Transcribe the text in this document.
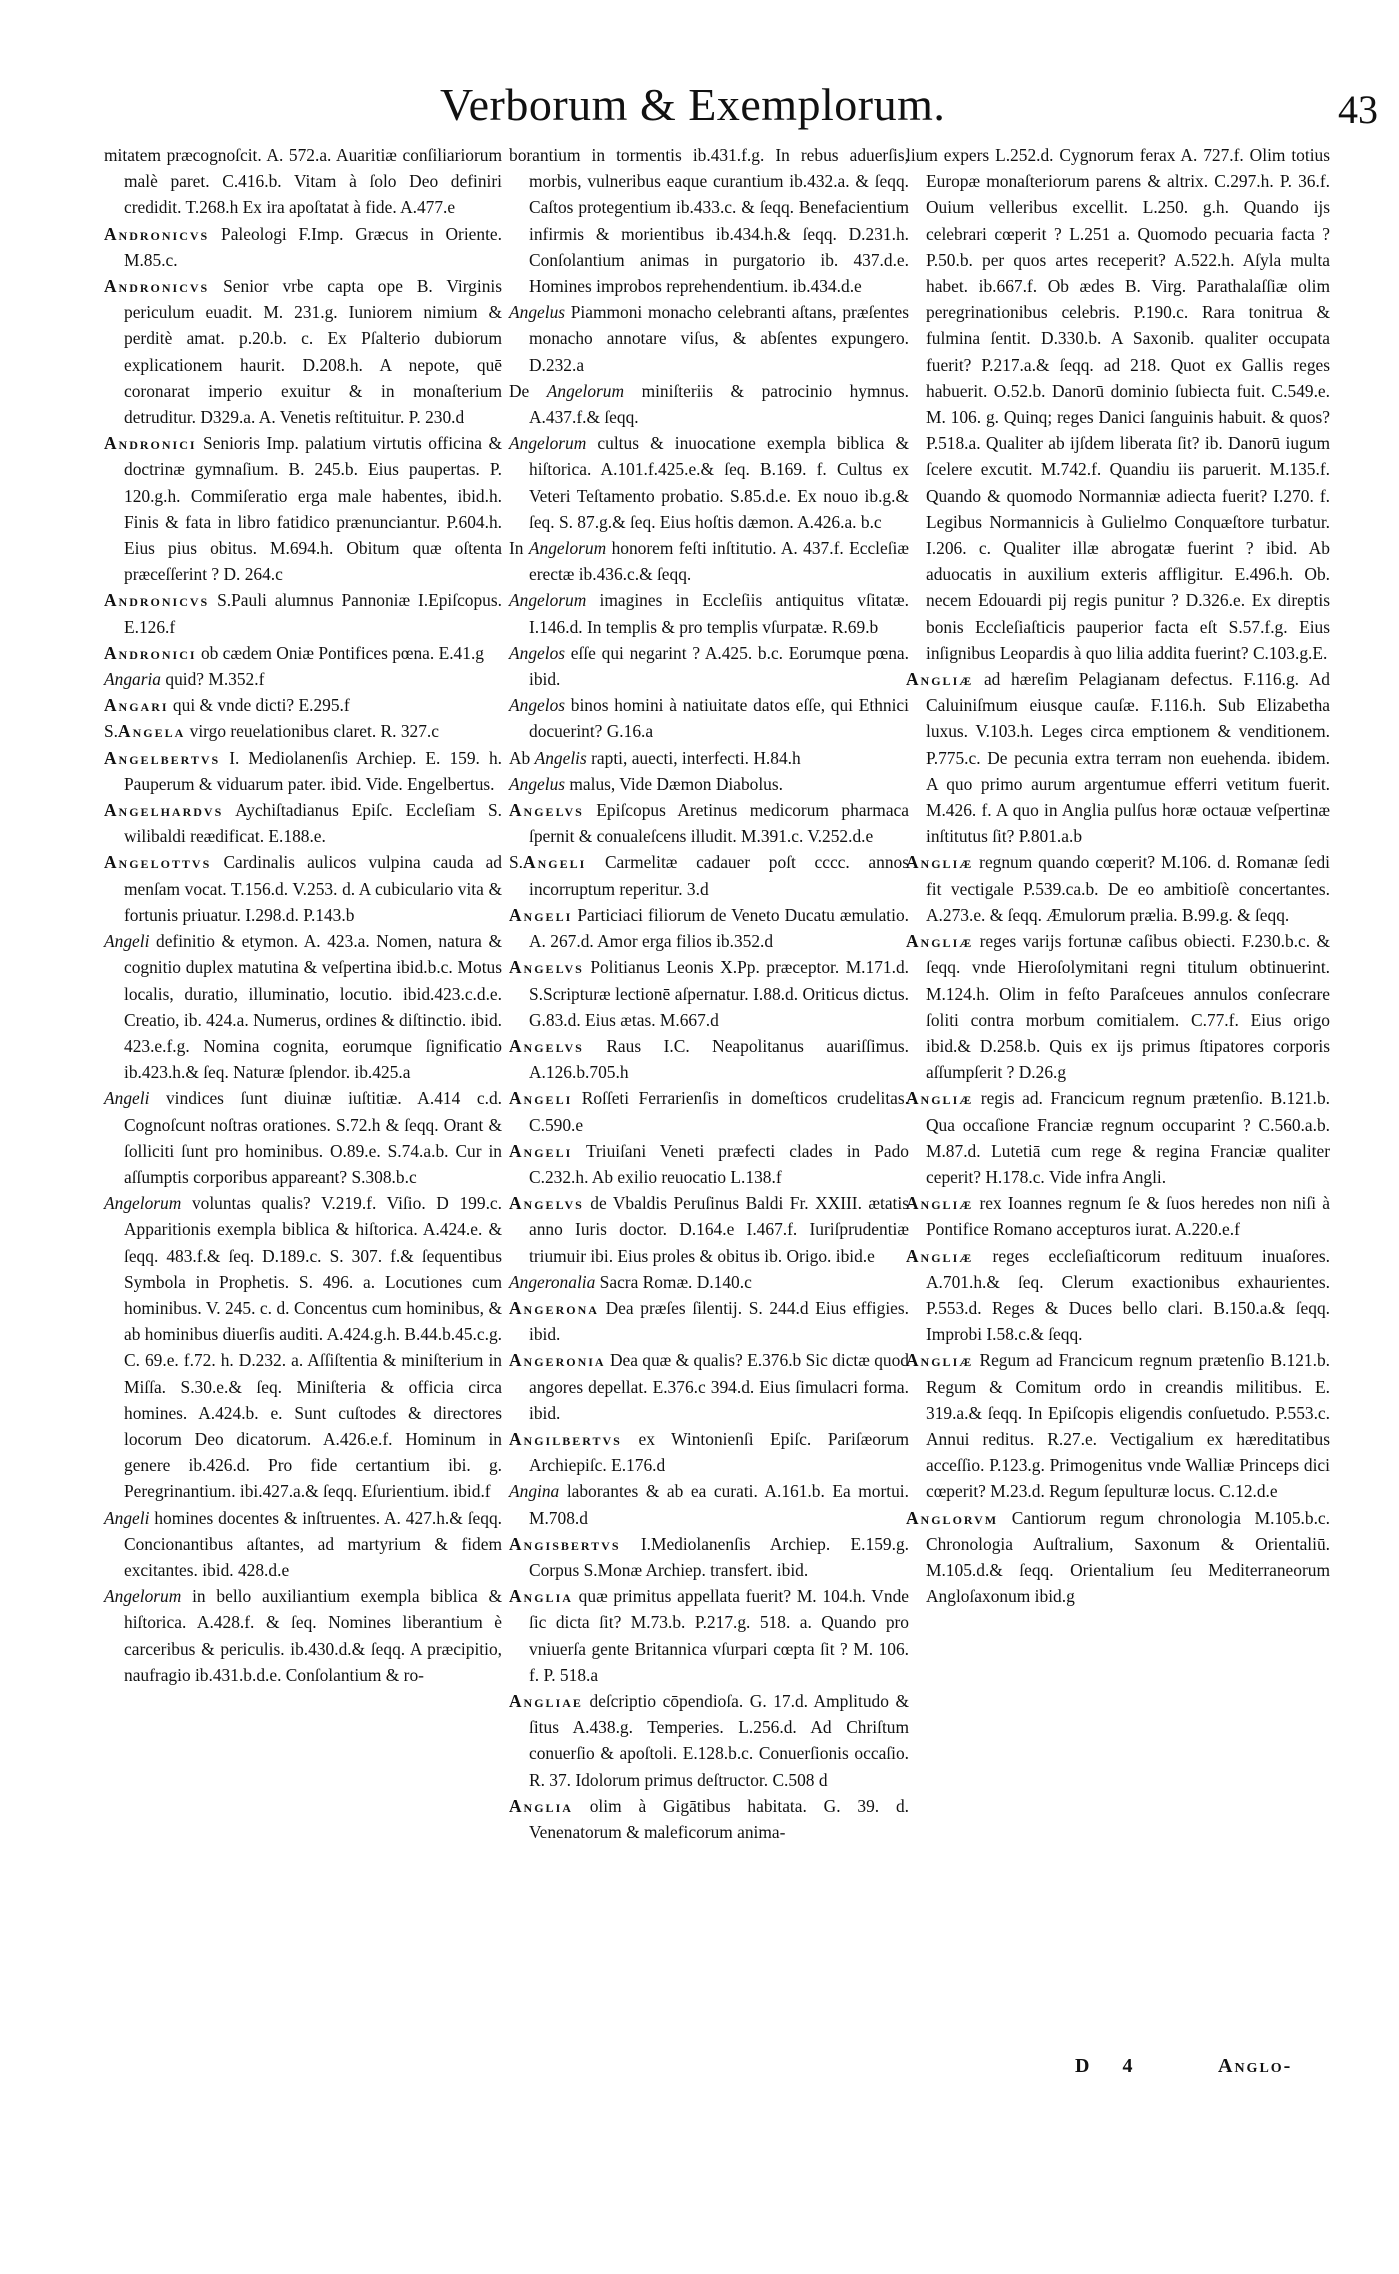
Verborum & Exemplorum.	43

mitatem præcognoſcit. A. 572.a. Auaritiæ conſiliariorum malè paret. C.416.b. Vitam à ſolo Deo definiri credidit. T.268.h Ex ira apoſtatat à fide. A.477.e

Andronicvs Paleologi F.Imp. Græcus in Oriente. M.85.c.

Andronicvs Senior vrbe capta ope B. Virginis periculum euadit. M. 231.g. Iuniorem nimium & perditè amat. p.20.b. c. Ex Pſalterio dubiorum explicationem haurit. D.208.h. A nepote, quē coronarat imperio exuitur & in monaſterium detruditur. D329.a. A. Venetis reſtituitur. P. 230.d

Andronici Senioris Imp. palatium virtutis officina & doctrinæ gymnaſium. B. 245.b. Eius paupertas. P. 120.g.h. Commiſeratio erga male habentes, ibid.h. Finis & fata in libro fatidico prænunciantur. P.604.h. Eius pius obitus. M.694.h. Obitum quæ oſtenta præceſſerint ? D. 264.c

Andronicvs S.Pauli alumnus Pannoniæ I.Epiſcopus. E.126.f

Andronici ob cædem Oniæ Pontifices pœna. E.41.g

Angaria quid? M.352.f

Angari qui & vnde dicti? E.295.f

S.Angela virgo reuelationibus claret. R. 327.c

Angelbertvs I. Mediolanenſis Archiep. E. 159. h. Pauperum & viduarum pater. ibid. Vide. Engelbertus.

Angelhardvs Aychiſtadianus Epiſc. Eccleſiam S. wilibaldi reædificat. E.188.e.

Angelottvs Cardinalis aulicos vulpina cauda ad menſam vocat. T.156.d. V.253. d. A cubiculario vita & fortunis priuatur. I.298.d. P.143.b

Angeli definitio & etymon. A. 423.a. Nomen, natura & cognitio duplex matutina & veſpertina ibid.b.c. Motus localis, duratio, illuminatio, locutio. ibid.423.c.d.e. Creatio, ib. 424.a. Numerus, ordines & diſtinctio. ibid. 423.e.f.g. Nomina cognita, eorumque ſignificatio ib.423.h.& ſeq. Naturæ ſplendor. ib.425.a

Angeli vindices ſunt diuinæ iuſtitiæ. A.414 c.d. Cognoſcunt noſtras orationes. S.72.h & ſeqq. Orant & ſolliciti ſunt pro hominibus. O.89.e. S.74.a.b. Cur in aſſumptis corporibus appareant? S.308.b.c

Angelorum voluntas qualis? V.219.f. Viſio. D 199.c. Apparitionis exempla biblica & hiſtorica. A.424.e. & ſeqq. 483.f.& ſeq. D.189.c. S. 307. f.& ſequentibus Symbola in Prophetis. S. 496. a. Locutiones cum hominibus. V. 245. c. d. Concentus cum hominibus, & ab hominibus diuerſis auditi. A.424.g.h. B.44.b.45.c.g. C. 69.e. f.72. h. D.232. a. Aſſiſtentia & miniſterium in Miſſa. S.30.e.& ſeq. Miniſteria & officia circa homines. A.424.b. e. Sunt cuſtodes & directores locorum Deo dicatorum. A.426.e.f. Hominum in genere ib.426.d. Pro fide certantium ibi. g. Peregrinantium. ibi.427.a.& ſeqq. Eſurientium. ibid.f

Angeli homines docentes & inſtruentes. A. 427.h.& ſeqq. Concionantibus aſtantes, ad martyrium & fidem excitantes. ibid. 428.d.e

Angelorum in bello auxiliantium exempla biblica & hiſtorica. A.428.f. & ſeq. Nomines liberantium è carceribus & periculis. ib.430.d.& ſeqq. A præcipitio, naufragio ib.431.b.d.e. Conſolantium & ro-

borantium in tormentis ib.431.f.g. In rebus aduerſis, morbis, vulneribus eaque curantium ib.432.a. & ſeqq. Caſtos protegentium ib.433.c. & ſeqq. Benefacientium infirmis & morientibus ib.434.h.& ſeqq. D.231.h. Conſolantium animas in purgatorio ib. 437.d.e. Homines improbos reprehendentium. ib.434.d.e

Angelus Piammoni monacho celebranti aſtans, præſentes monacho annotare viſus, & abſentes expungero. D.232.a

De Angelorum miniſteriis & patrocinio hymnus. A.437.f.& ſeqq.

Angelorum cultus & inuocatione exempla biblica & hiſtorica. A.101.f.425.e.& ſeq. B.169. f. Cultus ex Veteri Teſtamento probatio. S.85.d.e. Ex nouo ib.g.& ſeq. S. 87.g.& ſeq. Eius hoſtis dæmon. A.426.a. b.c

In Angelorum honorem feſti inſtitutio. A. 437.f. Eccleſiæ erectæ ib.436.c.& ſeqq.

Angelorum imagines in Eccleſiis antiquitus vſitatæ. I.146.d. In templis & pro templis vſurpatæ. R.69.b

Angelos eſſe qui negarint ? A.425. b.c. Eorumque pœna. ibid.

Angelos binos homini à natiuitate datos eſſe, qui Ethnici docuerint? G.16.a

Ab Angelis rapti, auecti, interfecti. H.84.h

Angelus malus, Vide Dæmon Diabolus.

Angelvs Epiſcopus Aretinus medicorum pharmaca ſpernit & conualeſcens illudit. M.391.c. V.252.d.e

S.Angeli Carmelitæ cadauer poſt cccc. annos incorruptum reperitur. 3.d

Angeli Particiaci filiorum de Veneto Ducatu æmulatio. A. 267.d. Amor erga filios ib.352.d

Angelvs Politianus Leonis X.Pp. præceptor. M.171.d. S.Scripturæ lectionē aſpernatur. I.88.d. Oriticus dictus. G.83.d. Eius ætas. M.667.d

Angelvs Raus I.C. Neapolitanus auariſſimus. A.126.b.705.h

Angeli Roſſeti Ferrarienſis in domeſticos crudelitas. C.590.e

Angeli Triuiſani Veneti præfecti clades in Pado C.232.h. Ab exilio reuocatio L.138.f

Angelvs de Vbaldis Peruſinus Baldi Fr. XXIII. ætatis anno Iuris doctor. D.164.e I.467.f. Iuriſprudentiæ triumuir ibi. Eius proles & obitus ib. Origo. ibid.e

Angeronalia Sacra Romæ. D.140.c

Angerona Dea præſes ſilentij. S. 244.d Eius effigies. ibid.

Angeronia Dea quæ & qualis? E.376.b Sic dictæ quod angores depellat. E.376.c 394.d. Eius ſimulacri forma. ibid.

Angilbertvs ex Wintonienſi Epiſc. Pariſæorum Archiepiſc. E.176.d

Angina laborantes & ab ea curati. A.161.b. Ea mortui. M.708.d

Angisbertvs I.Mediolanenſis Archiep. E.159.g. Corpus S.Monæ Archiep. transfert. ibid.

Anglia quæ primitus appellata fuerit? M. 104.h. Vnde ſic dicta ſit? M.73.b. P.217.g. 518. a. Quando pro vniuerſa gente Britannica vſurpari cœpta ſit ? M. 106. f. P. 518.a

Angliae deſcriptio cōpendioſa. G. 17.d. Amplitudo & ſitus A.438.g. Temperies. L.256.d. Ad Chriſtum conuerſio & apoſtoli. E.128.b.c. Conuerſionis occaſio. R. 37. Idolorum primus deſtructor. C.508 d

Anglia olim à Gigātibus habitata. G. 39. d. Venenatorum & maleficorum anima-

lium expers L.252.d. Cygnorum ferax A. 727.f. Olim totius Europæ monaſteriorum parens & altrix. C.297.h. P. 36.f. Ouium velleribus excellit. L.250. g.h. Quando ijs celebrari cœperit ? L.251 a. Quomodo pecuaria facta ? P.50.b. per quos artes receperit? A.522.h. Aſyla multa habet. ib.667.f. Ob ædes B. Virg. Parathalaſſiæ olim peregrinationibus celebris. P.190.c. Rara tonitrua & fulmina ſentit. D.330.b. A Saxonib. qualiter occupata fuerit? P.217.a.& ſeqq. ad 218. Quot ex Gallis reges habuerit. O.52.b. Danorū dominio ſubiecta fuit. C.549.e. M. 106. g. Quinq; reges Danici ſanguinis habuit. & quos? P.518.a. Qualiter ab ijſdem liberata ſit? ib. Danorū iugum ſcelere excutit. M.742.f. Quandiu iis paruerit. M.135.f. Quando & quomodo Normanniæ adiecta fuerit? I.270. f. Legibus Normannicis à Gulielmo Conquæſtore turbatur. I.206. c. Qualiter illæ abrogatæ fuerint ? ibid. Ab aduocatis in auxilium exteris affligitur. E.496.h. Ob. necem Edouardi pij regis punitur ? D.326.e. Ex direptis bonis Eccleſiaſticis pauperior facta eſt S.57.f.g. Eius inſignibus Leopardis à quo lilia addita fuerint? C.103.g.E.

Angliæ ad hæreſim Pelagianam defectus. F.116.g. Ad Caluiniſmum eiusque cauſæ. F.116.h. Sub Elizabetha luxus. V.103.h. Leges circa emptionem & venditionem. P.775.c. De pecunia extra terram non euehenda. ibidem. A quo primo aurum argentumue efferri vetitum fuerit. M.426. f. A quo in Anglia pulſus horæ octauæ veſpertinæ inſtitutus ſit? P.801.a.b

Angliæ regnum quando cœperit? M.106. d. Romanæ ſedi fit vectigale P.539.ca.b. De eo ambitioſè concertantes. A.273.e. & ſeqq. Æmulorum prælia. B.99.g. & ſeqq.

Angliæ reges varijs fortunæ caſibus obiecti. F.230.b.c. & ſeqq. vnde Hieroſolymitani regni titulum obtinuerint. M.124.h. Olim in feſto Paraſceues annulos conſecrare ſoliti contra morbum comitialem. C.77.f. Eius origo ibid.& D.258.b. Quis ex ijs primus ſtipatores corporis aſſumpſerit ? D.26.g

Angliæ regis ad. Francicum regnum prætenſio. B.121.b. Qua occaſione Franciæ regnum occuparint ? C.560.a.b. M.87.d. Lutetiā cum rege & regina Franciæ qualiter ceperit? H.178.c. Vide infra Angli.

Angliæ rex Ioannes regnum ſe & ſuos heredes non niſi à Pontifice Romano accepturos iurat. A.220.e.f

Angliæ reges eccleſiaſticorum redituum inuaſores. A.701.h.& ſeq. Clerum exactionibus exhaurientes. P.553.d. Reges & Duces bello clari. B.150.a.& ſeqq. Improbi I.58.c.& ſeqq.

Angliæ Regum ad Francicum regnum prætenſio B.121.b. Regum & Comitum ordo in creandis militibus. E. 319.a.& ſeqq. In Epiſcopis eligendis conſuetudo. P.553.c. Annui reditus. R.27.e. Vectigalium ex hæreditatibus acceſſio. P.123.g. Primogenitus vnde Walliæ Princeps dici cœperit? M.23.d. Regum ſepulturæ locus. C.12.d.e

Anglorvm Cantiorum regum chronologia M.105.b.c. Chronologia Auſtralium, Saxonum & Orientaliū. M.105.d.& ſeqq. Orientalium ſeu Mediterraneorum Angloſaxonum ibid.g

D 4	Anglo-
